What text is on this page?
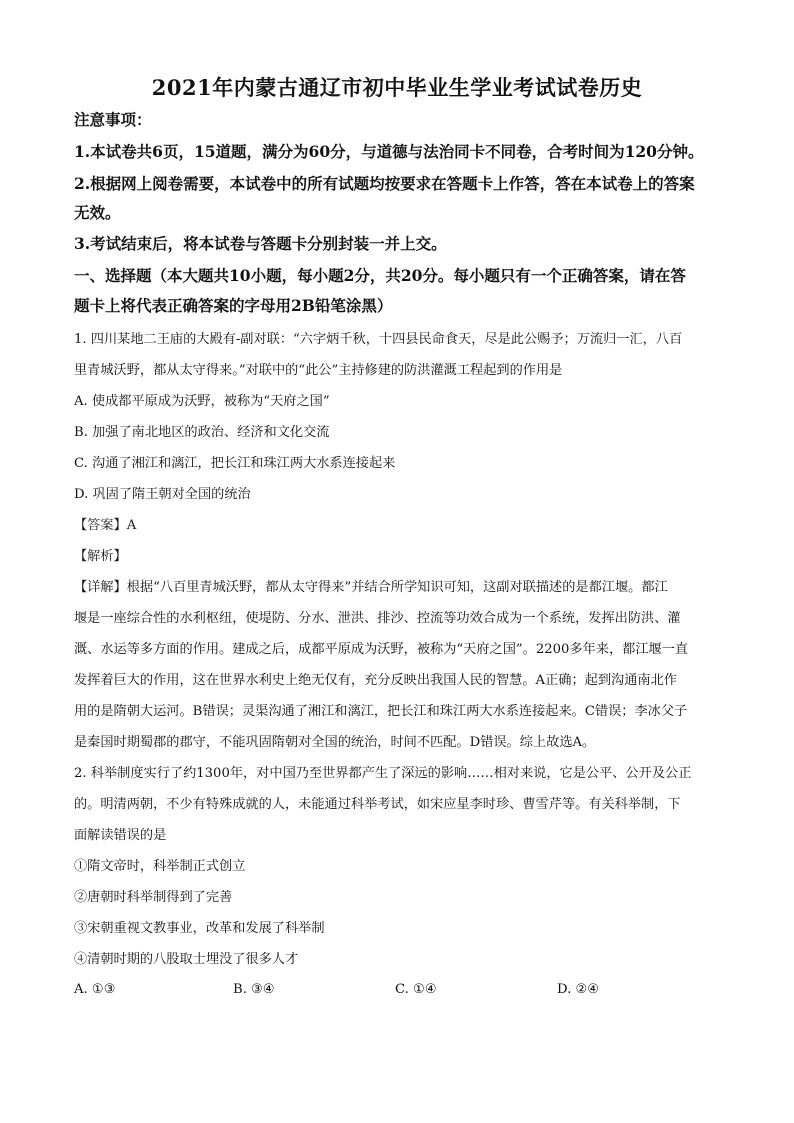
2021年内蒙古通辽市初中毕业生学业考试试卷历史
注意事项：
1.本试卷共6页，15道题，满分为60分，与道德与法治同卡不同卷，合考时间为120分钟。
2.根据网上阅卷需要，本试卷中的所有试题均按要求在答题卡上作答，答在本试卷上的答案
无效。
3.考试结束后，将本试卷与答题卡分别封装一并上交。
一、选择题（本大题共10小题，每小题2分，共20分。每小题只有一个正确答案，请在答
题卡上将代表正确答案的字母用2B铅笔涂黑）
1. 四川某地二王庙的大殿有-副对联：“六字炳千秋，十四县民命食天，尽是此公赐予；万流归一汇，八百
里青城沃野，都从太守得来。”对联中的“此公”主持修建的防洪灌溉工程起到的作用是
A. 使成都平原成为沃野，被称为“天府之国”
B. 加强了南北地区的政治、经济和文化交流
C. 沟通了湘江和漓江，把长江和珠江两大水系连接起来
D. 巩固了隋王朝对全国的统治
【答案】A
【解析】
【详解】根据“八百里青城沃野，都从太守得来”并结合所学知识可知，这副对联描述的是都江堰。都江
堰是一座综合性的水利枢纽，使堤防、分水、泄洪、排沙、控流等功效合成为一个系统，发挥出防洪、灌
溉、水运等多方面的作用。建成之后，成都平原成为沃野，被称为“天府之国”。2200多年来，都江堰一直
发挥着巨大的作用，这在世界水利史上绝无仅有，充分反映出我国人民的智慧。A正确；起到沟通南北作
用的是隋朝大运河。B错误；灵渠沟通了湘江和漓江，把长江和珠江两大水系连接起来。C错误；李冰父子
是秦国时期蜀郡的郡守，不能巩固隋朝对全国的统治，时间不匹配。D错误。综上故选A。
2. 科举制度实行了约1300年，对中国乃至世界都产生了深远的影响……相对来说，它是公平、公开及公正
的。明清两朝，不少有特殊成就的人，未能通过科举考试，如宋应星李时珍、曹雪芹等。有关科举制，下
面解读错误的是
①隋文帝时，科举制正式创立
②唐朝时科举制得到了完善
③宋朝重视文教事业，改革和发展了科举制
④清朝时期的八股取士埋没了很多人才
A. ①③	B. ③④	C. ①④	D. ②④
